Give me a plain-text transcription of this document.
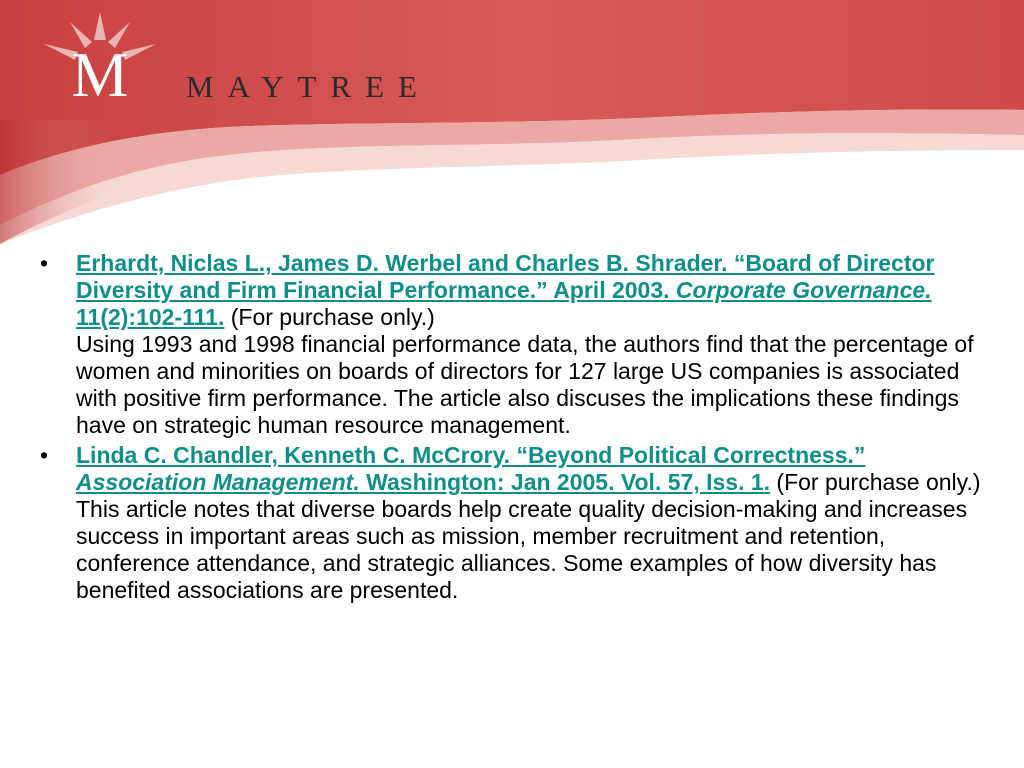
M MAYTREE
• Erhardt, Niclas L., James D. Werbel and Charles B. Shrader. “Board of Director Diversity and Firm Financial Performance.” April 2003. Corporate Governance. 11(2):102-111. (For purchase only.)
Using 1993 and 1998 financial performance data, the authors find that the percentage of women and minorities on boards of directors for 127 large US companies is associated with positive firm performance. The article also discuses the implications these findings have on strategic human resource management.
• Linda C. Chandler, Kenneth C. McCrory. “Beyond Political Correctness.” Association Management. Washington: Jan 2005. Vol. 57, Iss. 1. (For purchase only.)
This article notes that diverse boards help create quality decision-making and increases success in important areas such as mission, member recruitment and retention, conference attendance, and strategic alliances. Some examples of how diversity has benefited associations are presented.
